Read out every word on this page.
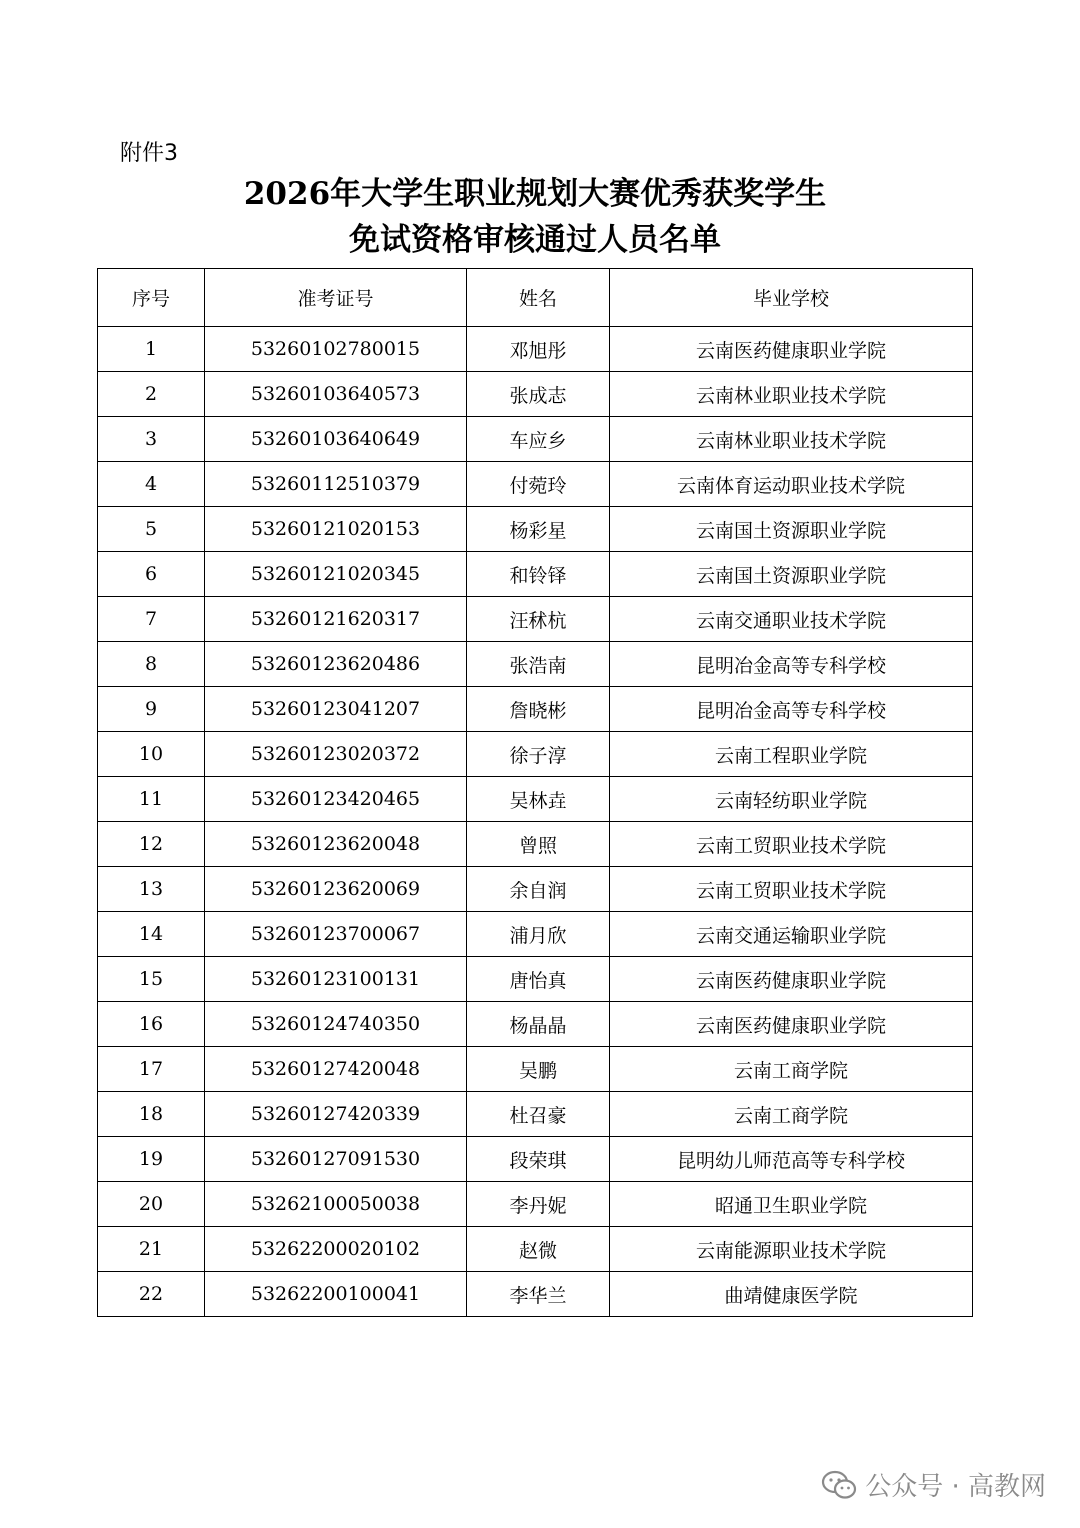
附件3
2026年大学生职业规划大赛优秀获奖学生
免试资格审核通过人员名单
序号	准考证号	姓名	毕业学校
1	53260102780015	邓旭彤	云南医药健康职业学院
2	53260103640573	张成志	云南林业职业技术学院
3	53260103640649	车应乡	云南林业职业技术学院
4	53260112510379	付菀玲	云南体育运动职业技术学院
5	53260121020153	杨彩星	云南国土资源职业学院
6	53260121020345	和铃铎	云南国土资源职业学院
7	53260121620317	汪秫杭	云南交通职业技术学院
8	53260123620486	张浩南	昆明冶金高等专科学校
9	53260123041207	詹晓彬	昆明冶金高等专科学校
10	53260123020372	徐子淳	云南工程职业学院
11	53260123420465	吴林垚	云南轻纺职业学院
12	53260123620048	曾照	云南工贸职业技术学院
13	53260123620069	余自润	云南工贸职业技术学院
14	53260123700067	浦月欣	云南交通运输职业学院
15	53260123100131	唐怡真	云南医药健康职业学院
16	53260124740350	杨晶晶	云南医药健康职业学院
17	53260127420048	吴鹏	云南工商学院
18	53260127420339	杜召豪	云南工商学院
19	53260127091530	段荣琪	昆明幼儿师范高等专科学校
20	53262100050038	李丹妮	昭通卫生职业学院
21	53262200020102	赵微	云南能源职业技术学院
22	53262200100041	李华兰	曲靖健康医学院
公众号 · 高教网
